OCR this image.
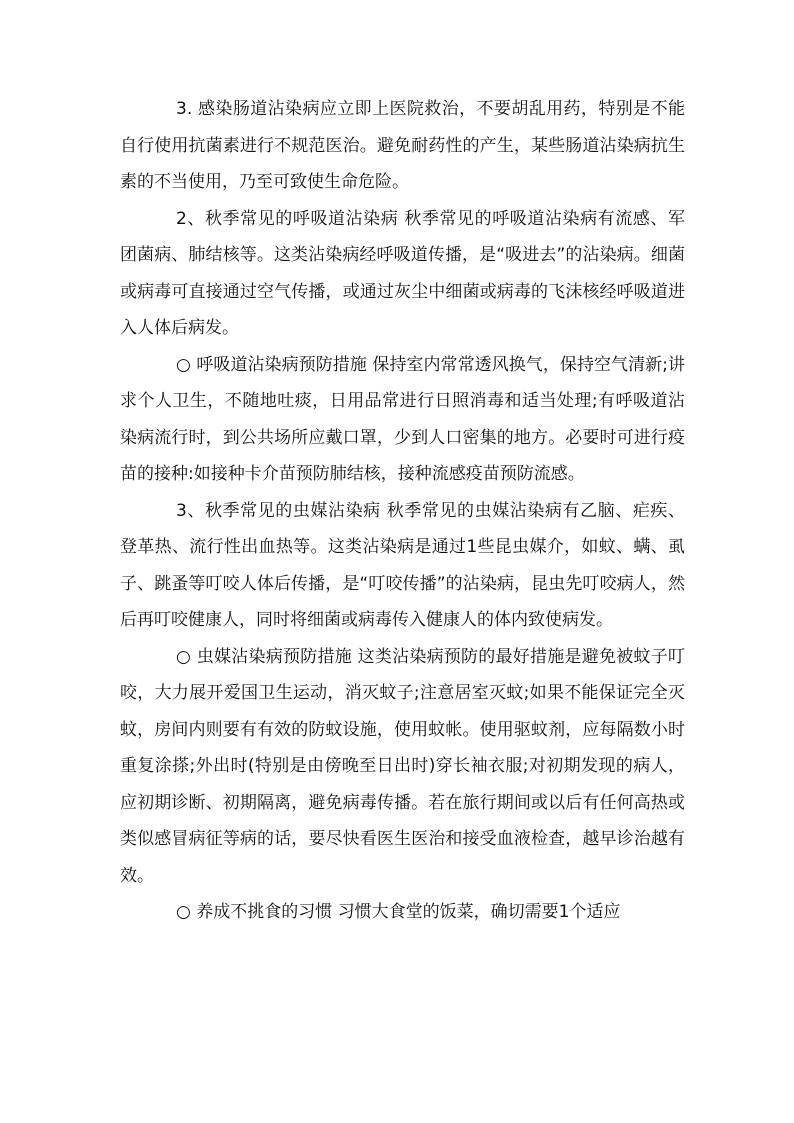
3. 感染肠道沾染病应立即上医院救治，不要胡乱用药，特别是不能自行使用抗菌素进行不规范医治。避免耐药性的产生，某些肠道沾染病抗生素的不当使用，乃至可致使生命危险。

2、秋季常见的呼吸道沾染病 秋季常见的呼吸道沾染病有流感、军团菌病、肺结核等。这类沾染病经呼吸道传播，是“吸进去”的沾染病。细菌或病毒可直接通过空气传播，或通过灰尘中细菌或病毒的飞沫核经呼吸道进入人体后病发。

○ 呼吸道沾染病预防措施 保持室内常常透风换气，保持空气清新;讲求个人卫生，不随地吐痰，日用品常进行日照消毒和适当处理;有呼吸道沾染病流行时，到公共场所应戴口罩，少到人口密集的地方。必要时可进行疫苗的接种:如接种卡介苗预防肺结核，接种流感疫苗预防流感。

3、秋季常见的虫媒沾染病 秋季常见的虫媒沾染病有乙脑、疟疾、登革热、流行性出血热等。这类沾染病是通过1些昆虫媒介，如蚊、螨、虱子、跳蚤等叮咬人体后传播，是“叮咬传播”的沾染病，昆虫先叮咬病人，然后再叮咬健康人，同时将细菌或病毒传入健康人的体内致使病发。

○ 虫媒沾染病预防措施 这类沾染病预防的最好措施是避免被蚊子叮咬，大力展开爱国卫生运动，消灭蚊子;注意居室灭蚊;如果不能保证完全灭蚊，房间内则要有有效的防蚊设施，使用蚊帐。使用驱蚊剂，应每隔数小时重复涂搽;外出时(特别是由傍晚至日出时)穿长袖衣服;对初期发现的病人，应初期诊断、初期隔离，避免病毒传播。若在旅行期间或以后有任何高热或类似感冒病征等病的话，要尽快看医生医治和接受血液检查，越早诊治越有效。

○ 养成不挑食的习惯 习惯大食堂的饭菜，确切需要1个适应
